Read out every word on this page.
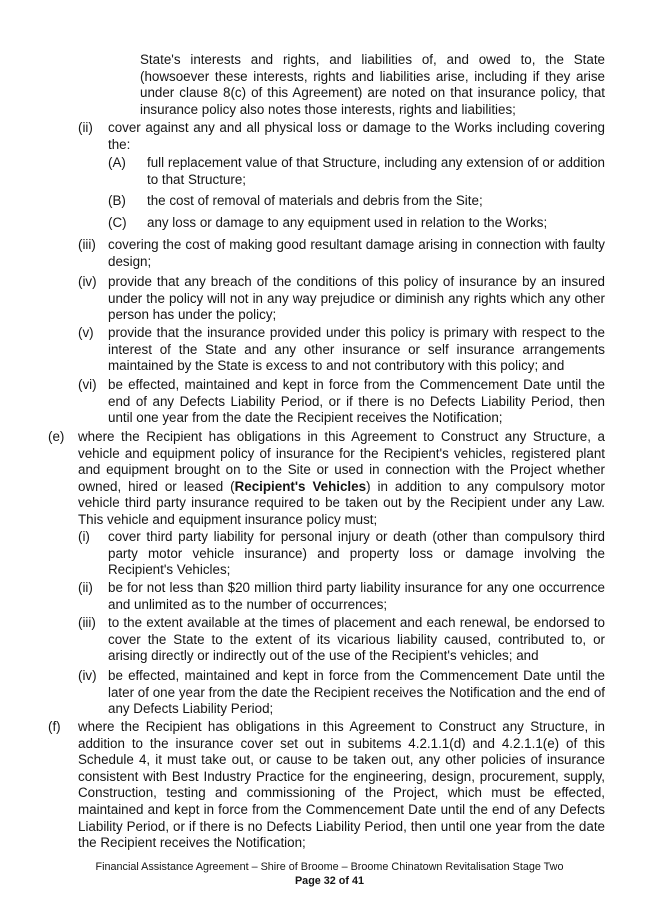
State's interests and rights, and liabilities of, and owed to, the State (howsoever these interests, rights and liabilities arise, including if they arise under clause 8(c) of this Agreement) are noted on that insurance policy, that insurance policy also notes those interests, rights and liabilities;
(ii) cover against any and all physical loss or damage to the Works including covering the:
(A) full replacement value of that Structure, including any extension of or addition to that Structure;
(B) the cost of removal of materials and debris from the Site;
(C) any loss or damage to any equipment used in relation to the Works;
(iii) covering the cost of making good resultant damage arising in connection with faulty design;
(iv) provide that any breach of the conditions of this policy of insurance by an insured under the policy will not in any way prejudice or diminish any rights which any other person has under the policy;
(v) provide that the insurance provided under this policy is primary with respect to the interest of the State and any other insurance or self insurance arrangements maintained by the State is excess to and not contributory with this policy; and
(vi) be effected, maintained and kept in force from the Commencement Date until the end of any Defects Liability Period, or if there is no Defects Liability Period, then until one year from the date the Recipient receives the Notification;
(e) where the Recipient has obligations in this Agreement to Construct any Structure, a vehicle and equipment policy of insurance for the Recipient's vehicles, registered plant and equipment brought on to the Site or used in connection with the Project whether owned, hired or leased (Recipient's Vehicles) in addition to any compulsory motor vehicle third party insurance required to be taken out by the Recipient under any Law. This vehicle and equipment insurance policy must;
(i) cover third party liability for personal injury or death (other than compulsory third party motor vehicle insurance) and property loss or damage involving the Recipient's Vehicles;
(ii) be for not less than $20 million third party liability insurance for any one occurrence and unlimited as to the number of occurrences;
(iii) to the extent available at the times of placement and each renewal, be endorsed to cover the State to the extent of its vicarious liability caused, contributed to, or arising directly or indirectly out of the use of the Recipient's vehicles; and
(iv) be effected, maintained and kept in force from the Commencement Date until the later of one year from the date the Recipient receives the Notification and the end of any Defects Liability Period;
(f) where the Recipient has obligations in this Agreement to Construct any Structure, in addition to the insurance cover set out in subitems 4.2.1.1(d) and 4.2.1.1(e) of this Schedule 4, it must take out, or cause to be taken out, any other policies of insurance consistent with Best Industry Practice for the engineering, design, procurement, supply, Construction, testing and commissioning of the Project, which must be effected, maintained and kept in force from the Commencement Date until the end of any Defects Liability Period, or if there is no Defects Liability Period, then until one year from the date the Recipient receives the Notification;
Financial Assistance Agreement – Shire of Broome – Broome Chinatown Revitalisation Stage Two
Page 32 of 41
